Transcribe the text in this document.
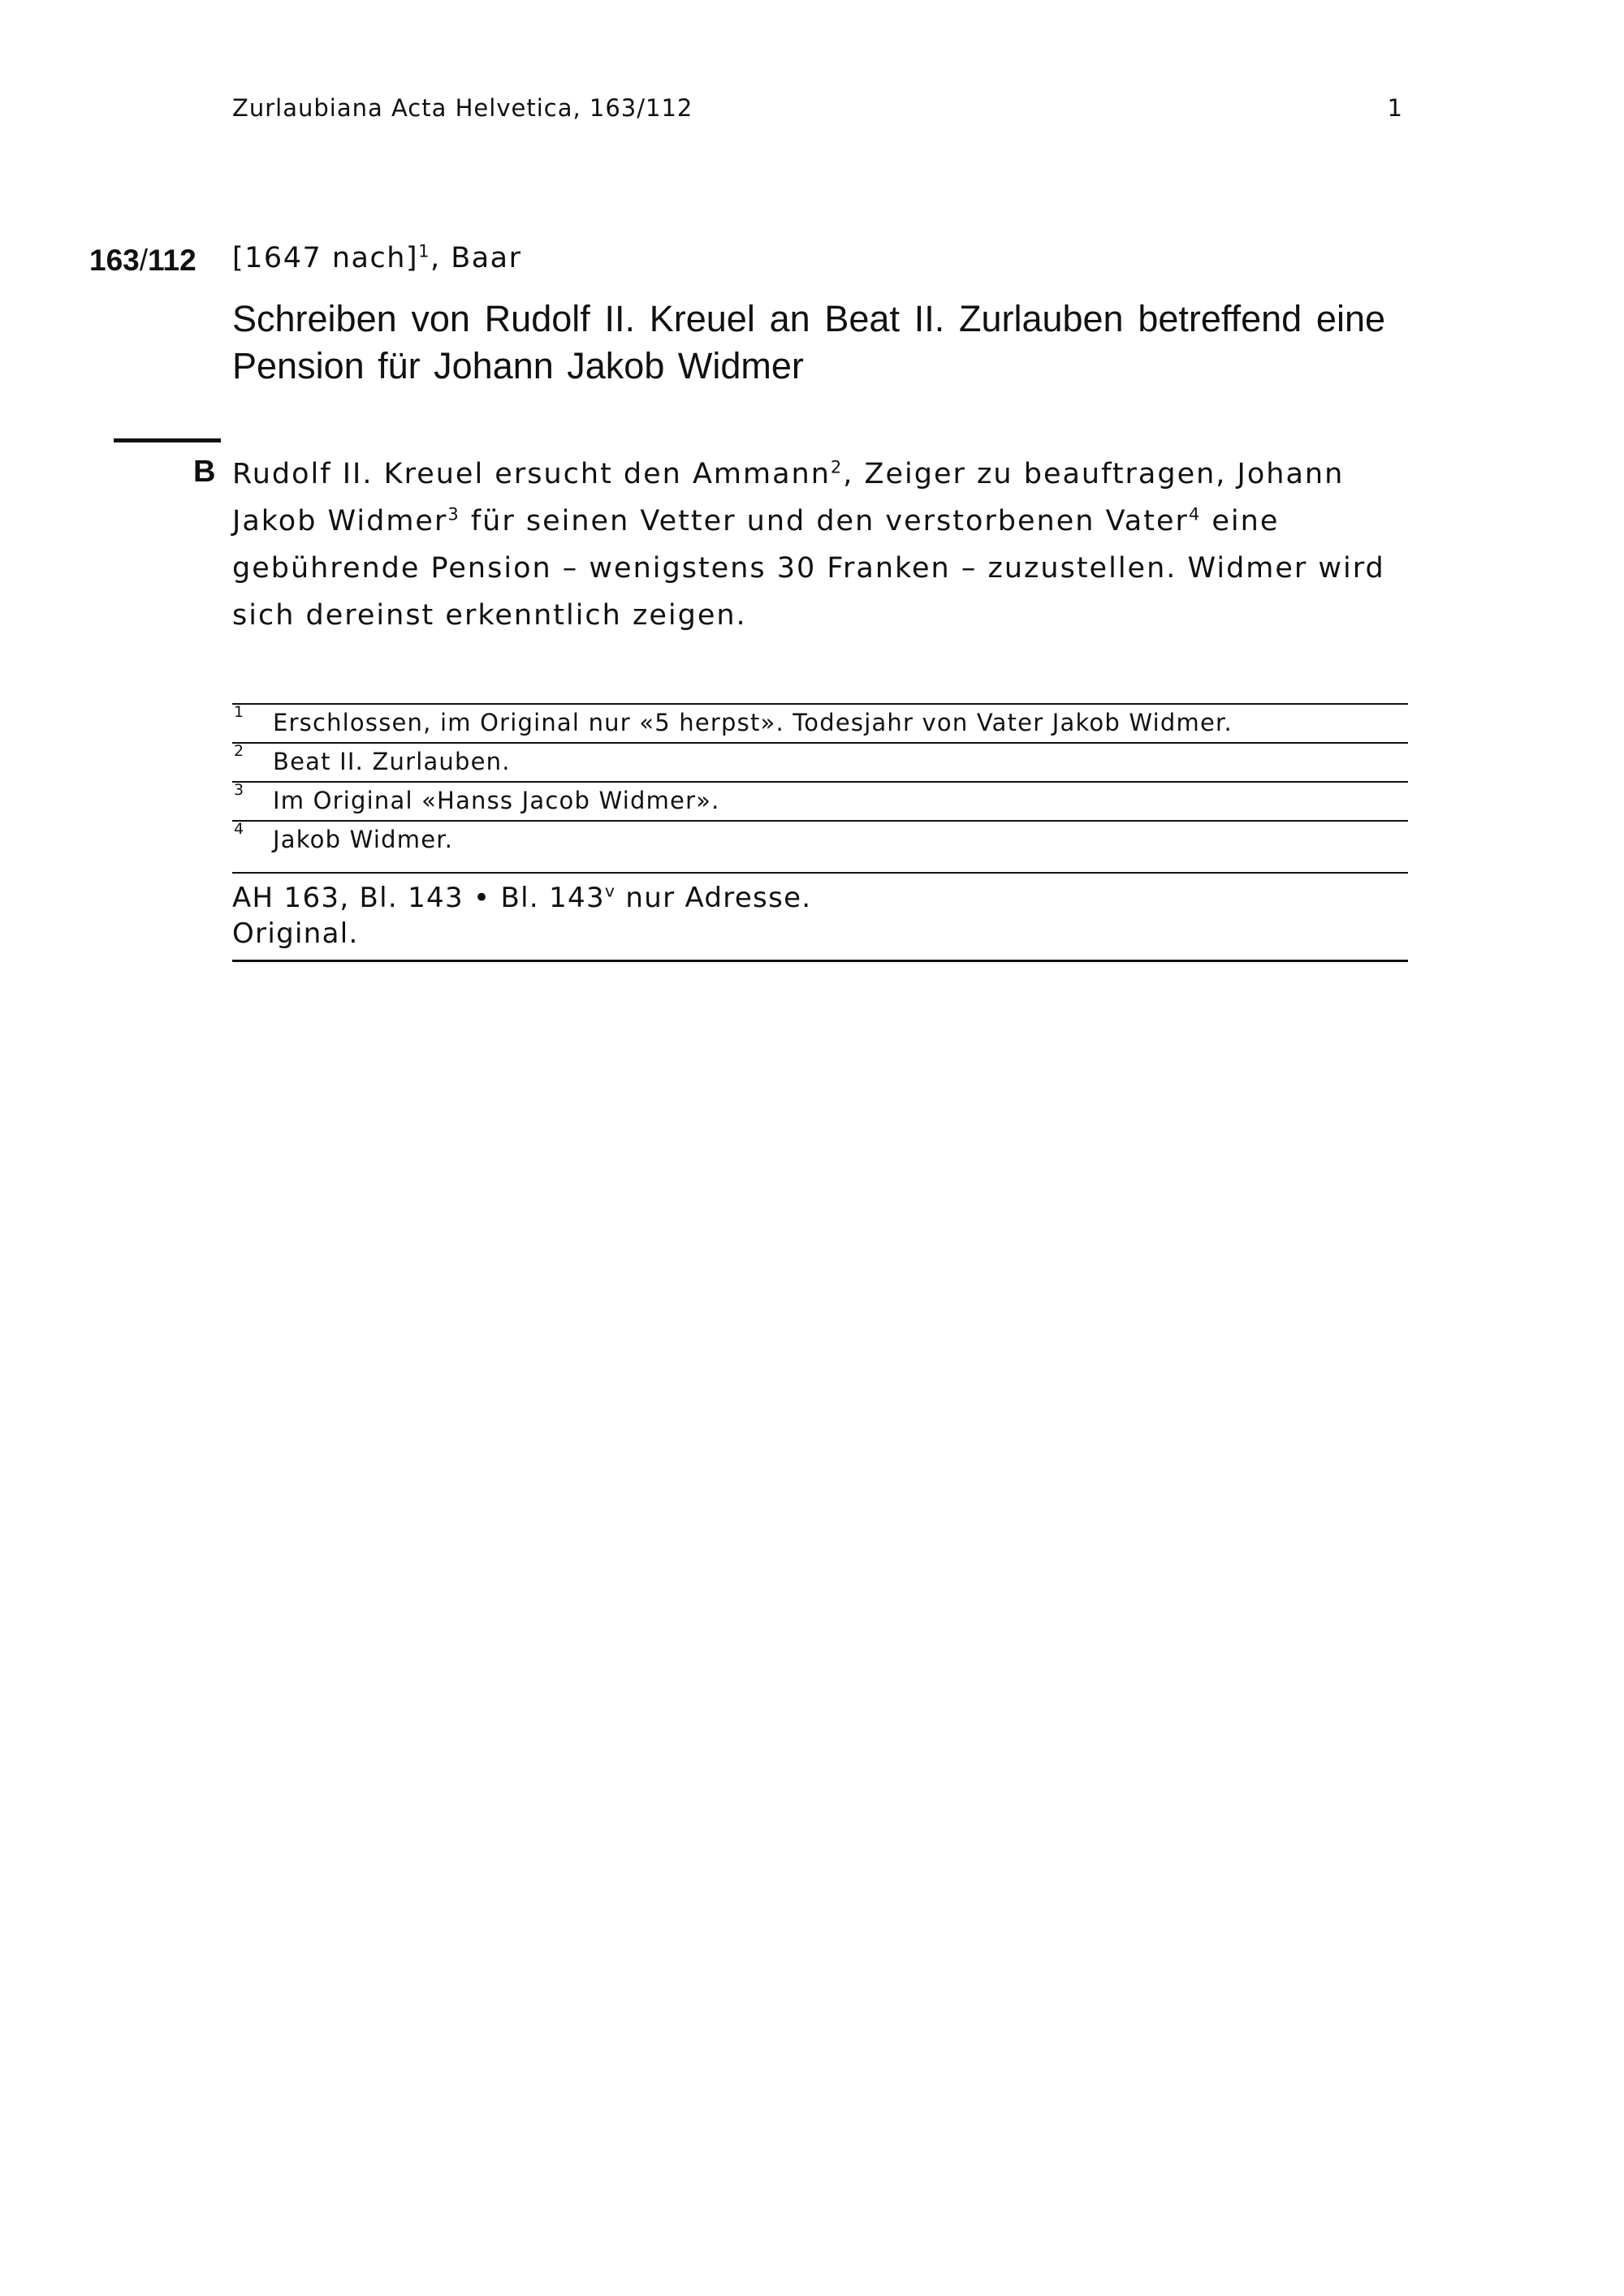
Zurlaubiana Acta Helvetica, 163/112	1
163/112 [1647 nach]$^1$, Baar
Schreiben von Rudolf II. Kreuel an Beat II. Zurlauben betreffend eine Pension für Johann Jakob Widmer
B Rudolf II. Kreuel ersucht den Ammann$^2$, Zeiger zu beauftragen, Johann Jakob Widmer$^3$ für seinen Vetter und den verstorbenen Vater$^4$ eine gebührende Pension – wenigstens 30 Franken – zuzustellen. Widmer wird sich dereinst erkenntlich zeigen.

1 Erschlossen, im Original nur «5 herpst». Todesjahr von Vater Jakob Widmer.
2 Beat II. Zurlauben.
3 Im Original «Hanss Jacob Widmer».
4 Jakob Widmer.
AH 163, Bl. 143 • Bl. 143$^v$ nur Adresse.
Original.
